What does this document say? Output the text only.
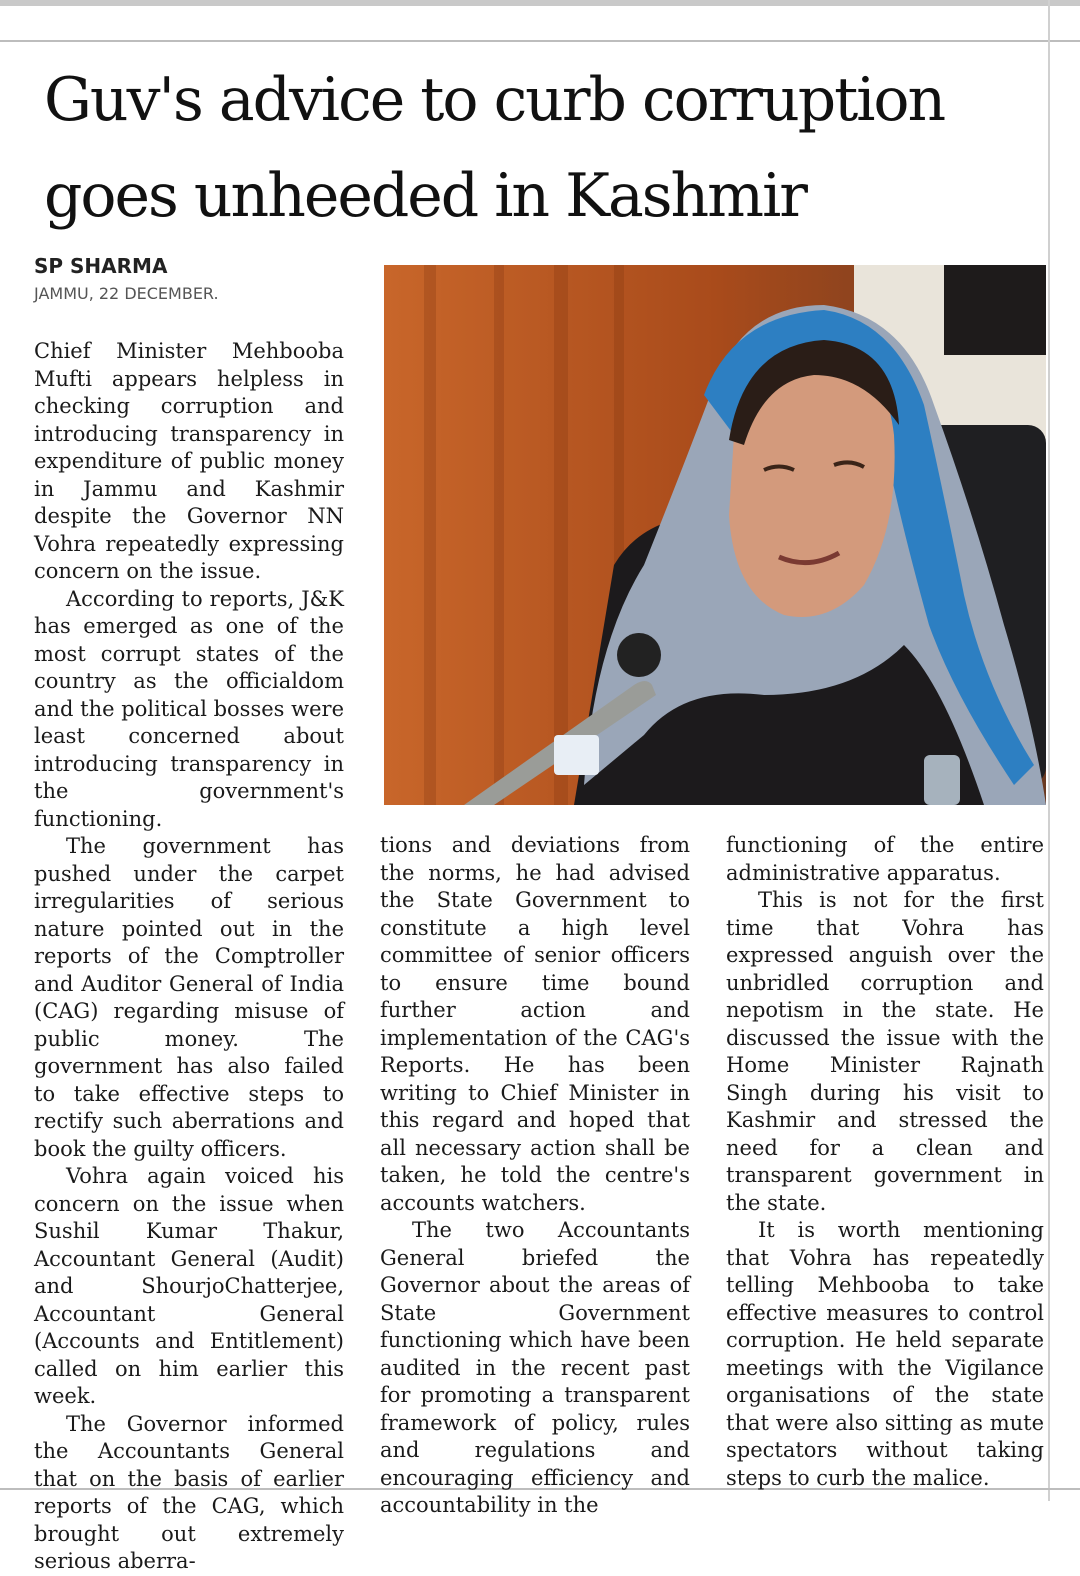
Guv's advice to curb corruption goes unheeded in Kashmir
SP SHARMA
JAMMU, 22 DECEMBER.

Chief Minister Mehbooba Mufti appears helpless in checking corruption and introducing transparency in expenditure of public money in Jammu and Kashmir despite the Governor NN Vohra repeatedly expressing concern on the issue.

According to reports, J&K has emerged as one of the most corrupt states of the country as the officialdom and the political bosses were least concerned about introducing transparency in the government's functioning.

The government has pushed under the carpet irregularities of serious nature pointed out in the reports of the Comptroller and Auditor General of India (CAG) regarding misuse of public money. The government has also failed to take effective steps to rectify such aberrations and book the guilty officers.

Vohra again voiced his concern on the issue when Sushil Kumar Thakur, Accountant General (Audit) and ShourjoChatterjee, Accountant General (Accounts and Entitlement) called on him earlier this week.

The Governor informed the Accountants General that on the basis of earlier reports of the CAG, which brought out extremely serious aberra-

tions and deviations from the norms, he had advised the State Government to constitute a high level committee of senior officers to ensure time bound further action and implementation of the CAG's Reports. He has been writing to Chief Minister in this regard and hoped that all necessary action shall be taken, he told the centre's accounts watchers.

The two Accountants General briefed the Governor about the areas of State Government functioning which have been audited in the recent past for promoting a transparent framework of policy, rules and regulations and encouraging efficiency and accountability in the

functioning of the entire administrative apparatus.

This is not for the first time that Vohra has expressed anguish over the unbridled corruption and nepotism in the state. He discussed the issue with the Home Minister Rajnath Singh during his visit to Kashmir and stressed the need for a clean and transparent government in the state.

It is worth mentioning that Vohra has repeatedly telling Mehbooba to take effective measures to control corruption. He held separate meetings with the Vigilance organisations of the state that were also sitting as mute spectators without taking steps to curb the malice.
